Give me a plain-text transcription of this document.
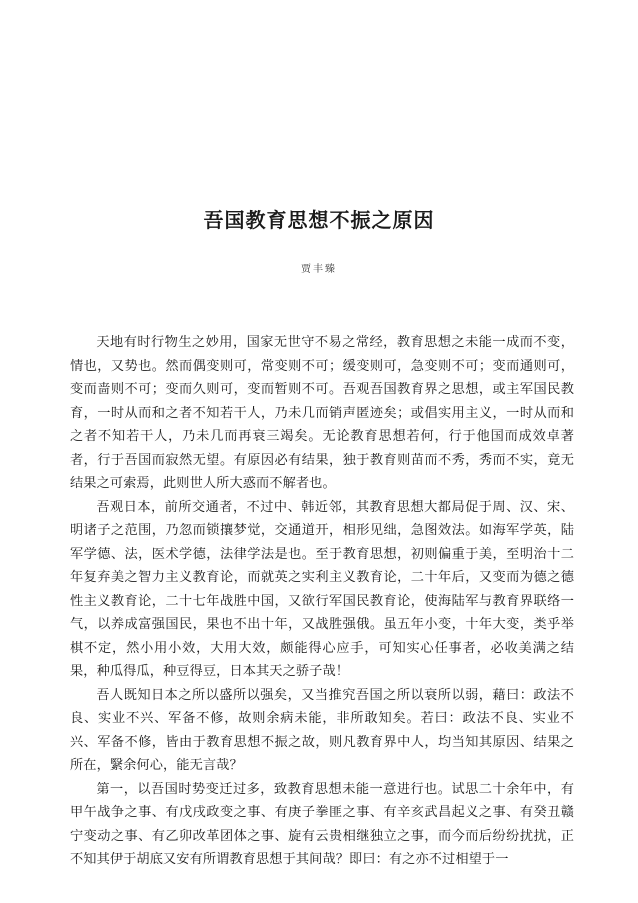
吾国教育思想不振之原因
贾丰臻

天地有时行物生之妙用，国家无世守不易之常经，教育思想之未能一成而不变，情也，又势也。然而偶变则可，常变则不可；缓变则可，急变则不可；变而通则可，变而啬则不可；变而久则可，变而暂则不可。吾观吾国教育界之思想，或主军国民教育，一时从而和之者不知若干人，乃未几而销声匿迹矣；或倡实用主义，一时从而和之者不知若干人，乃未几而再衰三竭矣。无论教育思想若何，行于他国而成效卓著者，行于吾国而寂然无望。有原因必有结果，独于教育则苗而不秀，秀而不实，竟无结果之可索焉，此则世人所大惑而不解者也。

吾观日本，前所交通者，不过中、韩近邻，其教育思想大都局促于周、汉、宋、明诸子之范围，乃忽而锁攘梦觉，交通道开，相形见绌，急图效法。如海军学英，陆军学德、法，医术学德，法律学法是也。至于教育思想，初则偏重于美，至明治十二年复弃美之智力主义教育论，而就英之实利主义教育论，二十年后，又变而为德之德性主义教育论，二十七年战胜中国，又欲行军国民教育论，使海陆军与教育界联络一气，以养成富强国民，果也不出十年，又战胜强俄。虽五年小变，十年大变，类乎举棋不定，然小用小效，大用大效，颇能得心应手，可知实心任事者，必收美满之结果，种瓜得瓜，种豆得豆，日本其天之骄子哉！

吾人既知日本之所以盛所以强矣，又当推究吾国之所以衰所以弱，藉曰：政法不良、实业不兴、军备不修，故则余病未能，非所敢知矣。若曰：政法不良、实业不兴、军备不修，皆由于教育思想不振之故，则凡教育界中人，均当知其原因、结果之所在，繄余何心，能无言哉？

第一，以吾国时势变迁过多，致教育思想未能一意进行也。试思二十余年中，有甲午战争之事、有戊戌政变之事、有庚子拳匪之事、有辛亥武昌起义之事、有癸丑赣宁变动之事、有乙卯改革团体之事、旋有云贵相继独立之事，而今而后纷纷扰扰，正不知其伊于胡底又安有所谓教育思想于其间哉？即曰：有之亦不过相望于一
